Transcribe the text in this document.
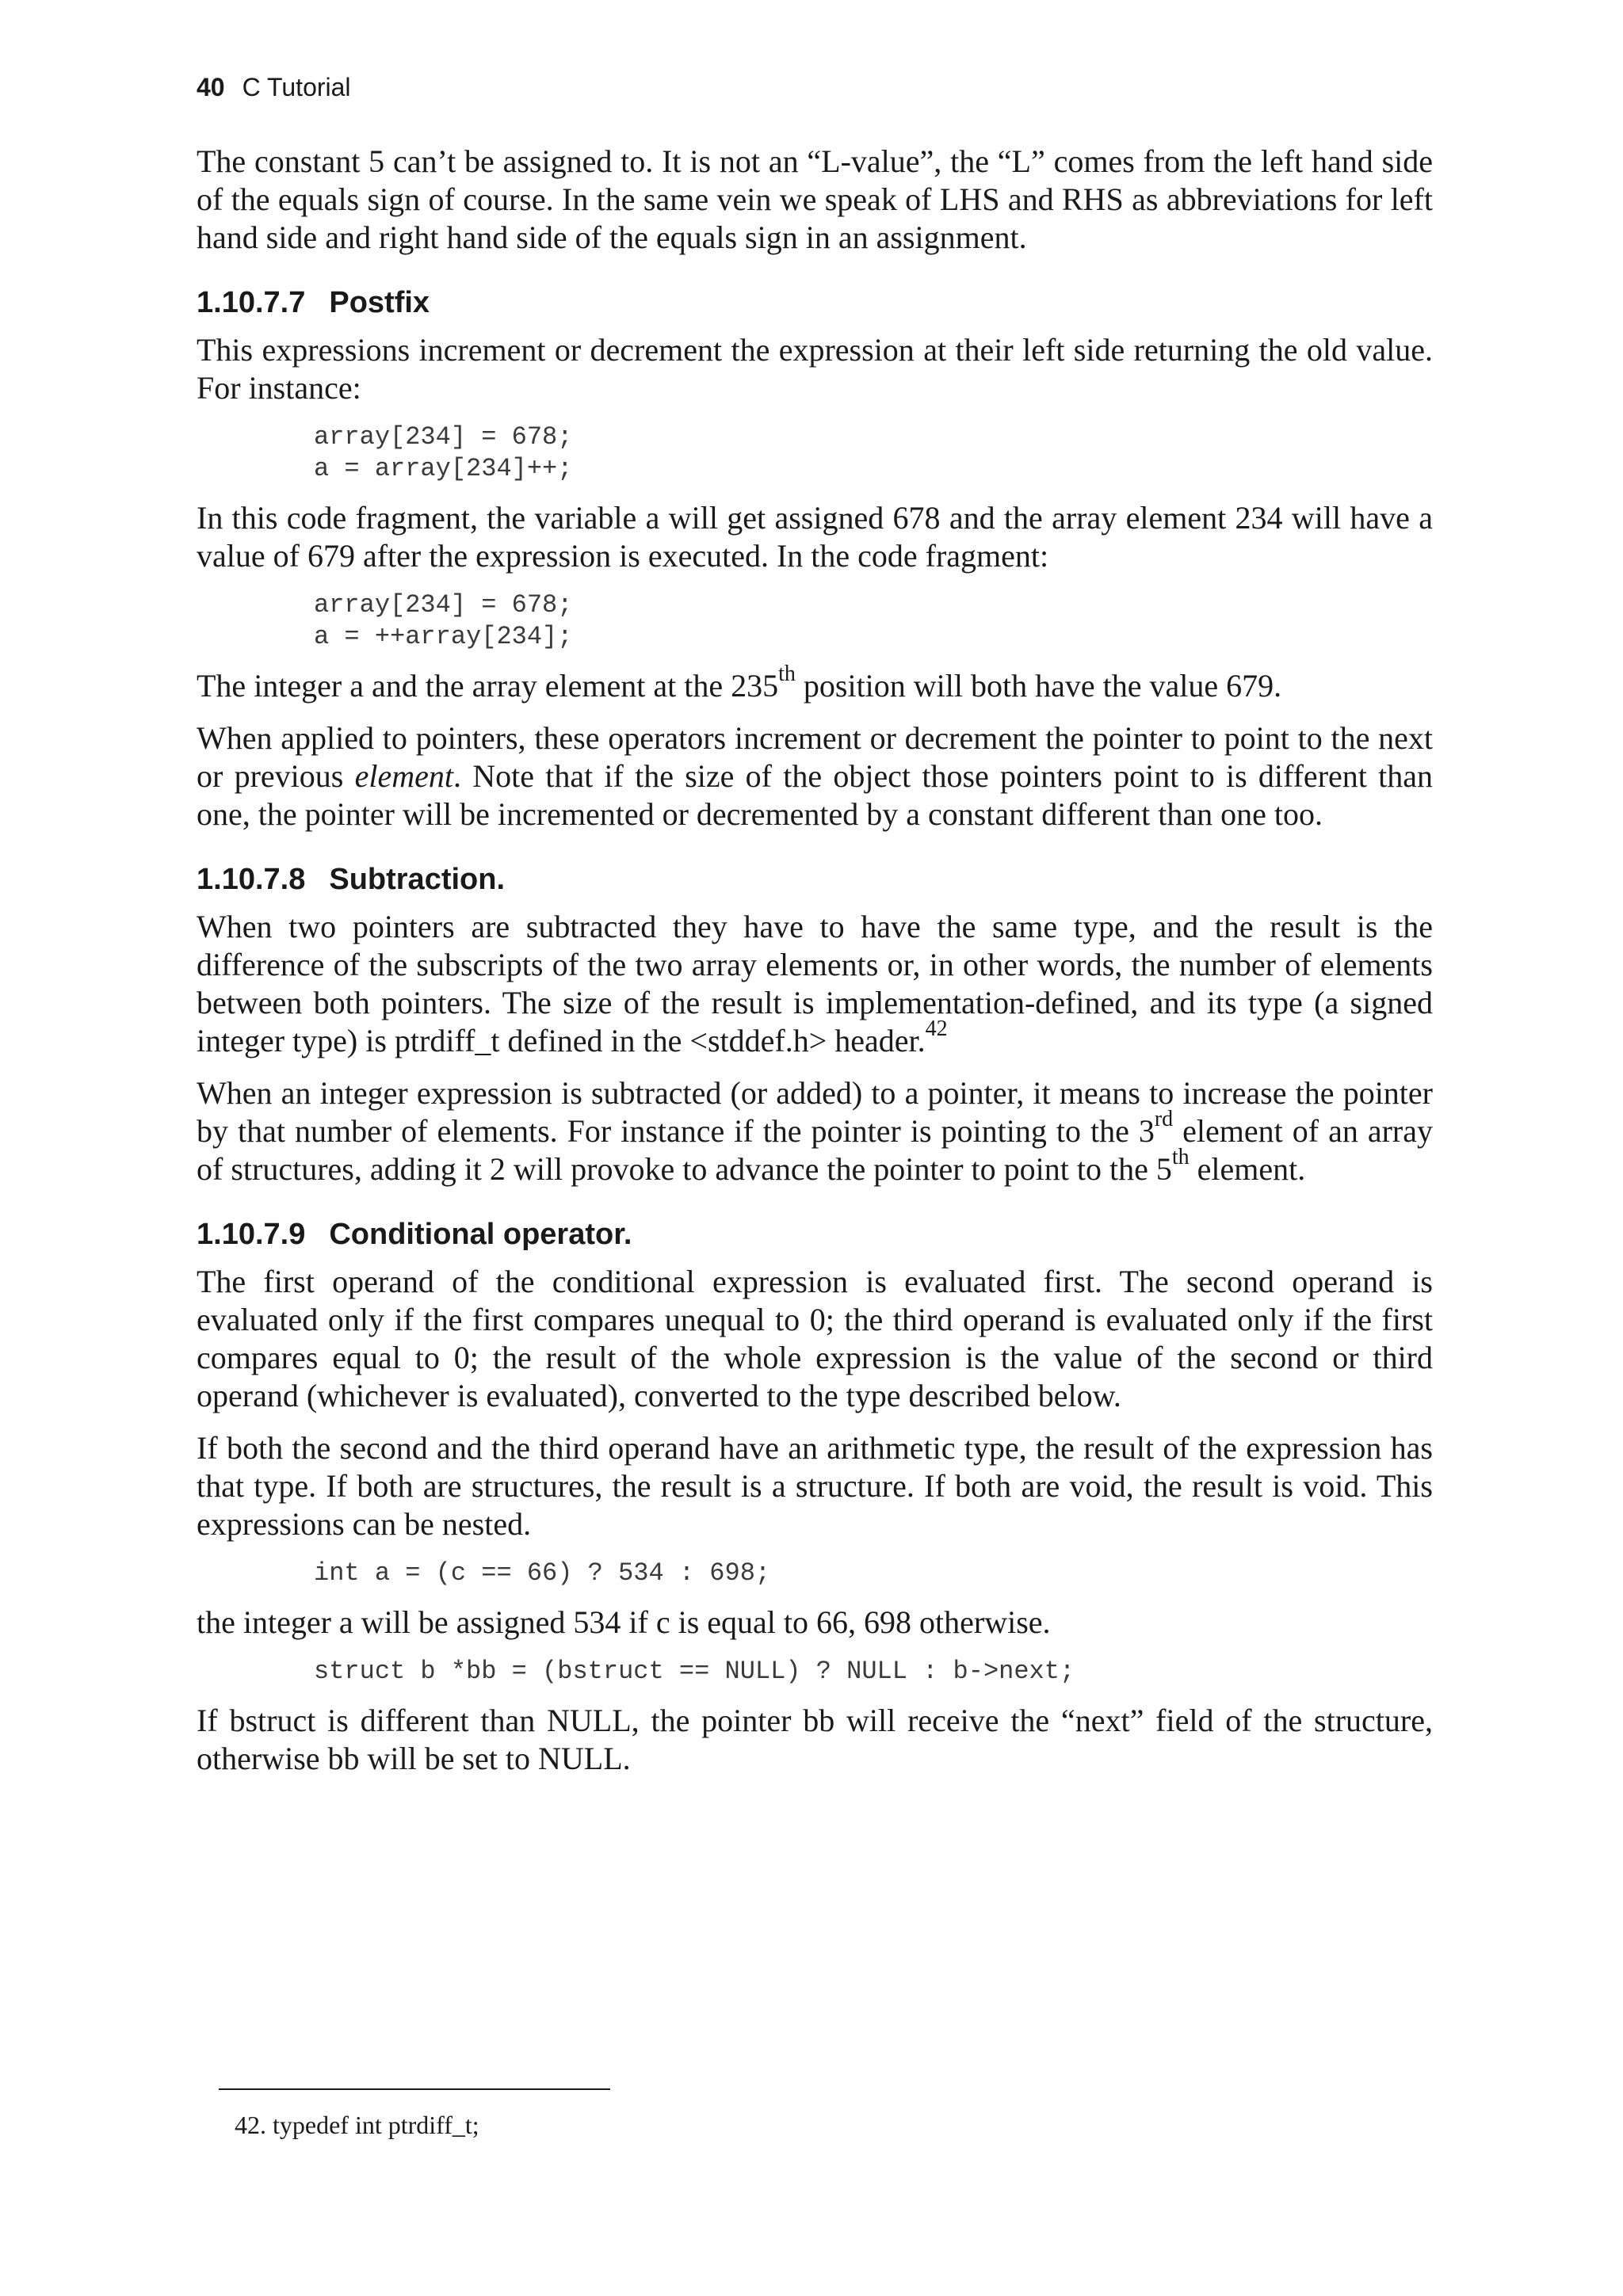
40 C Tutorial

The constant 5 can’t be assigned to. It is not an “L-value”, the “L” comes from the left hand side of the equals sign of course. In the same vein we speak of LHS and RHS as abbreviations for left hand side and right hand side of the equals sign in an assignment.

1.10.7.7 Postfix

This expressions increment or decrement the expression at their left side returning the old value. For instance:

array[234] = 678;
a = array[234]++;

In this code fragment, the variable a will get assigned 678 and the array element 234 will have a value of 679 after the expression is executed. In the code fragment:

array[234] = 678;
a = ++array[234];

The integer a and the array element at the 235th position will both have the value 679.

When applied to pointers, these operators increment or decrement the pointer to point to the next or previous element. Note that if the size of the object those pointers point to is different than one, the pointer will be incremented or decremented by a constant different than one too.

1.10.7.8 Subtraction.

When two pointers are subtracted they have to have the same type, and the result is the difference of the subscripts of the two array elements or, in other words, the number of elements between both pointers. The size of the result is implementation-defined, and its type (a signed integer type) is ptrdiff_t defined in the <stddef.h> header.$^{42}$

When an integer expression is subtracted (or added) to a pointer, it means to increase the pointer by that number of elements. For instance if the pointer is pointing to the 3rd element of an array of structures, adding it 2 will provoke to advance the pointer to point to the 5th element.

1.10.7.9 Conditional operator.

The first operand of the conditional expression is evaluated first. The second operand is evaluated only if the first compares unequal to 0; the third operand is evaluated only if the first compares equal to 0; the result of the whole expression is the value of the second or third operand (whichever is evaluated), converted to the type described below.

If both the second and the third operand have an arithmetic type, the result of the expression has that type. If both are structures, the result is a structure. If both are void, the result is void. This expressions can be nested.

int a = (c == 66) ? 534 : 698;

the integer a will be assigned 534 if c is equal to 66, 698 otherwise.

struct b *bb = (bstruct == NULL) ? NULL : b->next;

If bstruct is different than NULL, the pointer bb will receive the “next” field of the structure, otherwise bb will be set to NULL.

42. typedef int ptrdiff_t;
